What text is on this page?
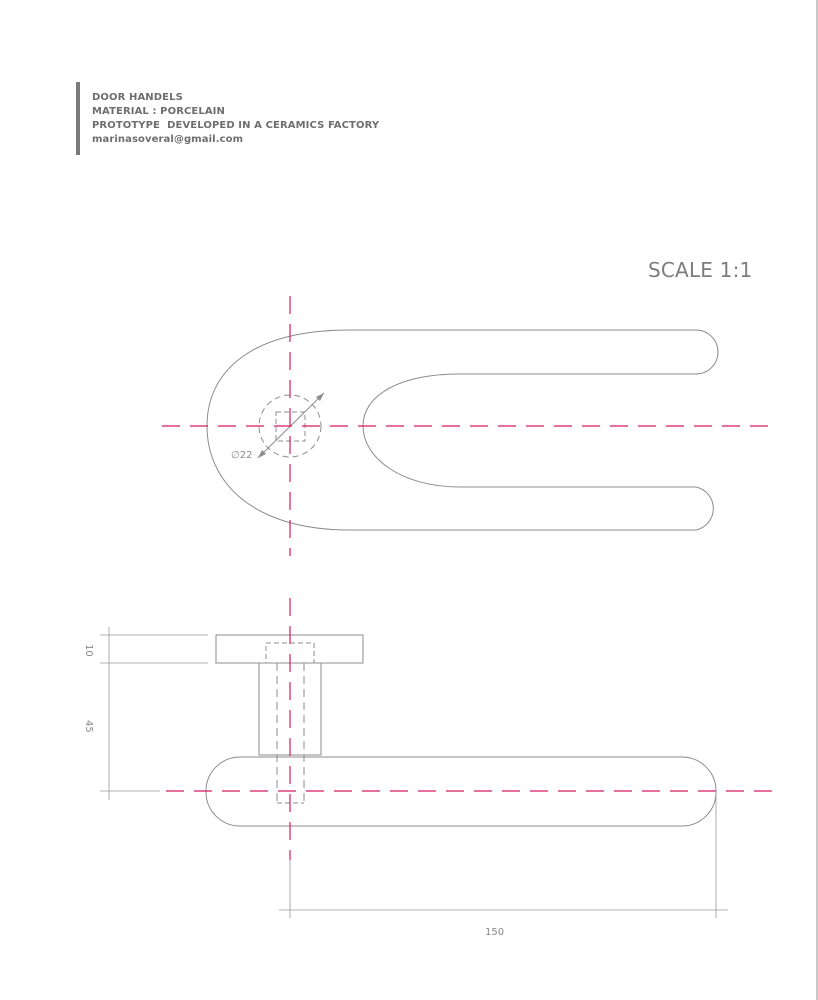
DOOR HANDELS
MATERIAL : PORCELAIN
PROTOTYPE  DEVELOPED IN A CERAMICS FACTORY
marinasoveral@gmail.com
SCALE 1:1
∅22
10
45
150
